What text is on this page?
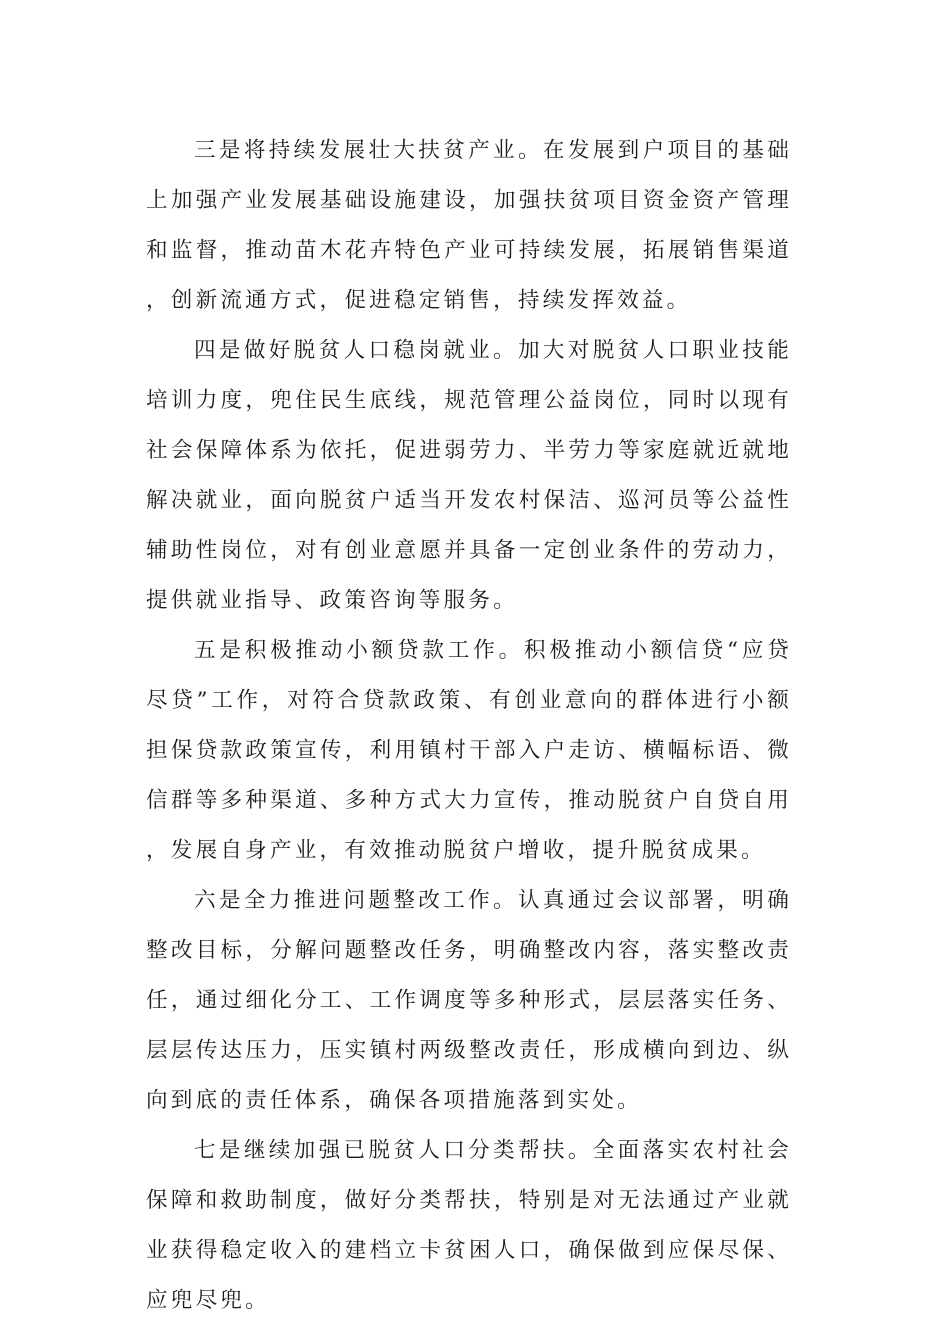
三是将持续发展壮大扶贫产业。在发展到户项目的基础上加强产业发展基础设施建设，加强扶贫项目资金资产管理和监督，推动苗木花卉特色产业可持续发展，拓展销售渠道，创新流通方式，促进稳定销售，持续发挥效益。

四是做好脱贫人口稳岗就业。加大对脱贫人口职业技能培训力度，兜住民生底线，规范管理公益岗位，同时以现有社会保障体系为依托，促进弱劳力、半劳力等家庭就近就地解决就业，面向脱贫户适当开发农村保洁、巡河员等公益性辅助性岗位，对有创业意愿并具备一定创业条件的劳动力，提供就业指导、政策咨询等服务。

五是积极推动小额贷款工作。积极推动小额信贷“应贷尽贷”工作，对符合贷款政策、有创业意向的群体进行小额担保贷款政策宣传，利用镇村干部入户走访、横幅标语、微信群等多种渠道、多种方式大力宣传，推动脱贫户自贷自用，发展自身产业，有效推动脱贫户增收，提升脱贫成果。

六是全力推进问题整改工作。认真通过会议部署，明确整改目标，分解问题整改任务，明确整改内容，落实整改责任，通过细化分工、工作调度等多种形式，层层落实任务、层层传达压力，压实镇村两级整改责任，形成横向到边、纵向到底的责任体系，确保各项措施落到实处。

七是继续加强已脱贫人口分类帮扶。全面落实农村社会保障和救助制度，做好分类帮扶，特别是对无法通过产业就业获得稳定收入的建档立卡贫困人口，确保做到应保尽保、应兜尽兜。
